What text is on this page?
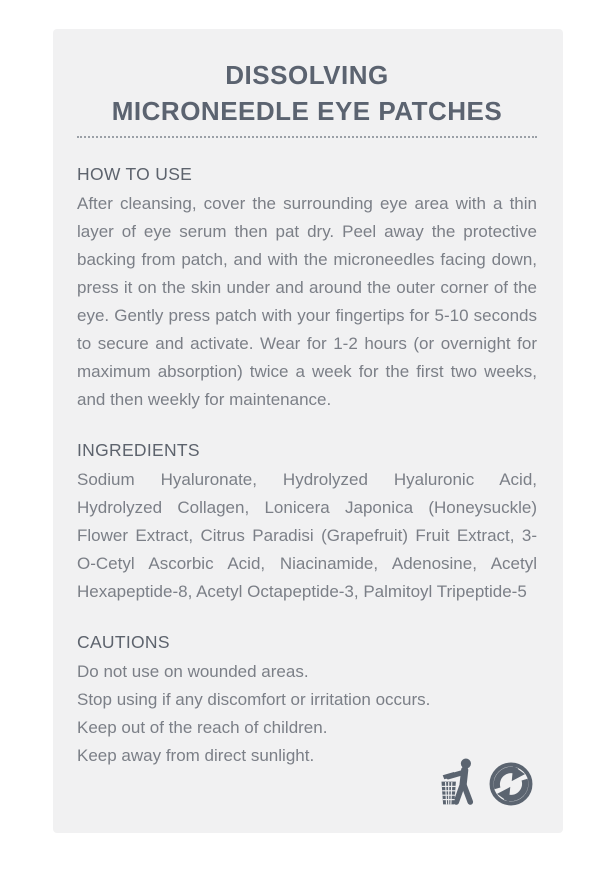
DISSOLVING
MICRONEEDLE EYE PATCHES
HOW TO USE
After cleansing, cover the surrounding eye area with a thin layer of eye serum then pat dry. Peel away the protective backing from patch, and with the microneedles facing down, press it on the skin under and around the outer corner of the eye. Gently press patch with your fingertips for 5-10 seconds to secure and activate. Wear for 1-2 hours (or overnight for maximum absorption) twice a week for the first two weeks, and then weekly for maintenance.
INGREDIENTS
Sodium Hyaluronate, Hydrolyzed Hyaluronic Acid, Hydrolyzed Collagen, Lonicera Japonica (Honeysuckle) Flower Extract, Citrus Paradisi (Grapefruit) Fruit Extract, 3-O-Cetyl Ascorbic Acid, Niacinamide, Adenosine, Acetyl Hexapeptide-8, Acetyl Octapeptide-3, Palmitoyl Tripeptide-5
CAUTIONS
Do not use on wounded areas.
Stop using if any discomfort or irritation occurs.
Keep out of the reach of children.
Keep away from direct sunlight.
